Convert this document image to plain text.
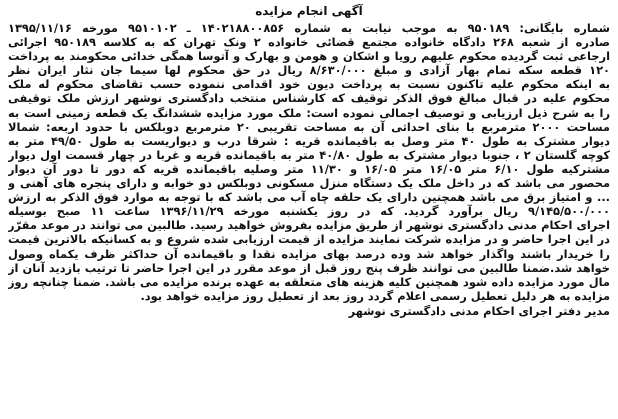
آگهی انجام مزایده
شماره بایگانی: ۹۵۰۱۸۹ به موجب نیابت به شماره ۱۴۰۲۱۸۸۰۰۸۵۶ ـ ۹۵۱۰۱۰۲ مورخه ۱۳۹۵/۱۱/۱۶
صادره از شعبه ۲۶۸ دادگاه خانواده مجتمع قضائی خانواده ۲ ونک تهران که به کلاسه ۹۵۰۱۸۹ اجرائی
ارجاعی ثبت گردیده محکوم علیهم رویا و اشکان و هومن و بهارک و آتوسا همگی خدائی محکومند به پرداخت
۱۲۰ قطعه سکه تمام بهار آزادی و مبلغ ۸/۶۳۰/۰۰۰ ریال در حق محکوم لها سیما جان نثار ایران نظر
به اینکه محکوم علیه تاکنون نسبت به پرداخت دیون خود اقدامی ننموده حسب تقاضای محکوم له ملک
محکوم علیه در قبال مبالغ فوق الذکر توقیف که کارشناس منتخب دادگستری نوشهر ارزش ملک توقیفی
را به شرح ذیل ارزیابی و توصیف اجمالی نموده است: ملک مورد مزایده ششدانگ یک قطعه زمینی است به
مساحت ۲۰۰۰ مترمربع با بنای احداثی آن به مساحت تقریبی ۲۰ مترمربع دوبلکس با حدود اربعه: شمالا
دیوار مشترک به طول ۴۰ متر وصل به باقیمانده قریه : شرقا درب و دیواریست به طول ۴۹/۵۰ متر به
کوچه گلستان ۲ ، جنوبا دیوار مشترک به طول ۴۰/۸۰ متر به باقیمانده قریه و غربا در چهار قسمت اول دیوار
مشترکیه طول ۶/۱۰ متر ۱۶/۰۵ متر ۱۶/۰۵ و ۱۱/۳۰ متر وصلیه باقیمانده قریه که دور تا دور آن دیوار
محصور می باشد که در داخل ملک یک دستگاه منزل مسکونی دوبلکس دو خوابه و دارای پنجره های آهنی و
... و امتیاز برق می باشد همچنین دارای یک حلقه چاه آب می باشد که با توجه به موارد فوق الذکر به ارزش
۹/۱۴۵/۵۰۰/۰۰۰ ریال برآورد گردید. که در روز یکشنبه مورخه ۱۳۹۶/۱۱/۲۹ ساعت ۱۱ صبح بوسیله
اجرای احکام مدنی دادگستری نوشهر از طریق مزایده بفروش خواهید رسید. طالبین می توانند در موعد مقرّر
در این اجرا حاضر و در مزایده شرکت نمایند مزایده از قیمت ارزیابی شده شروع و به کسانیکه بالاترین قیمت
را خریدار باشند واگذار خواهد شد وده درصد بهای مزایده نقدا و باقیمانده آن حداکثر ظرف یکماه وصول
خواهد شد.ضمنا طالبین می توانند ظرف پنج روز قبل از موعد مقرر در این اجرا حاضر تا ترتیب بازدید آنان از
مال مورد مزایده داده شود همچنین کلیه هزینه های متعلقه به عهده برنده مزایده می باشد. ضمنا چنانچه روز
مزایده به هر دلیل تعطیل رسمی اعلام گردد روز بعد از تعطیل روز مزایده خواهد بود.
مدیر دفتر اجرای احکام مدنی دادگستری نوشهر
